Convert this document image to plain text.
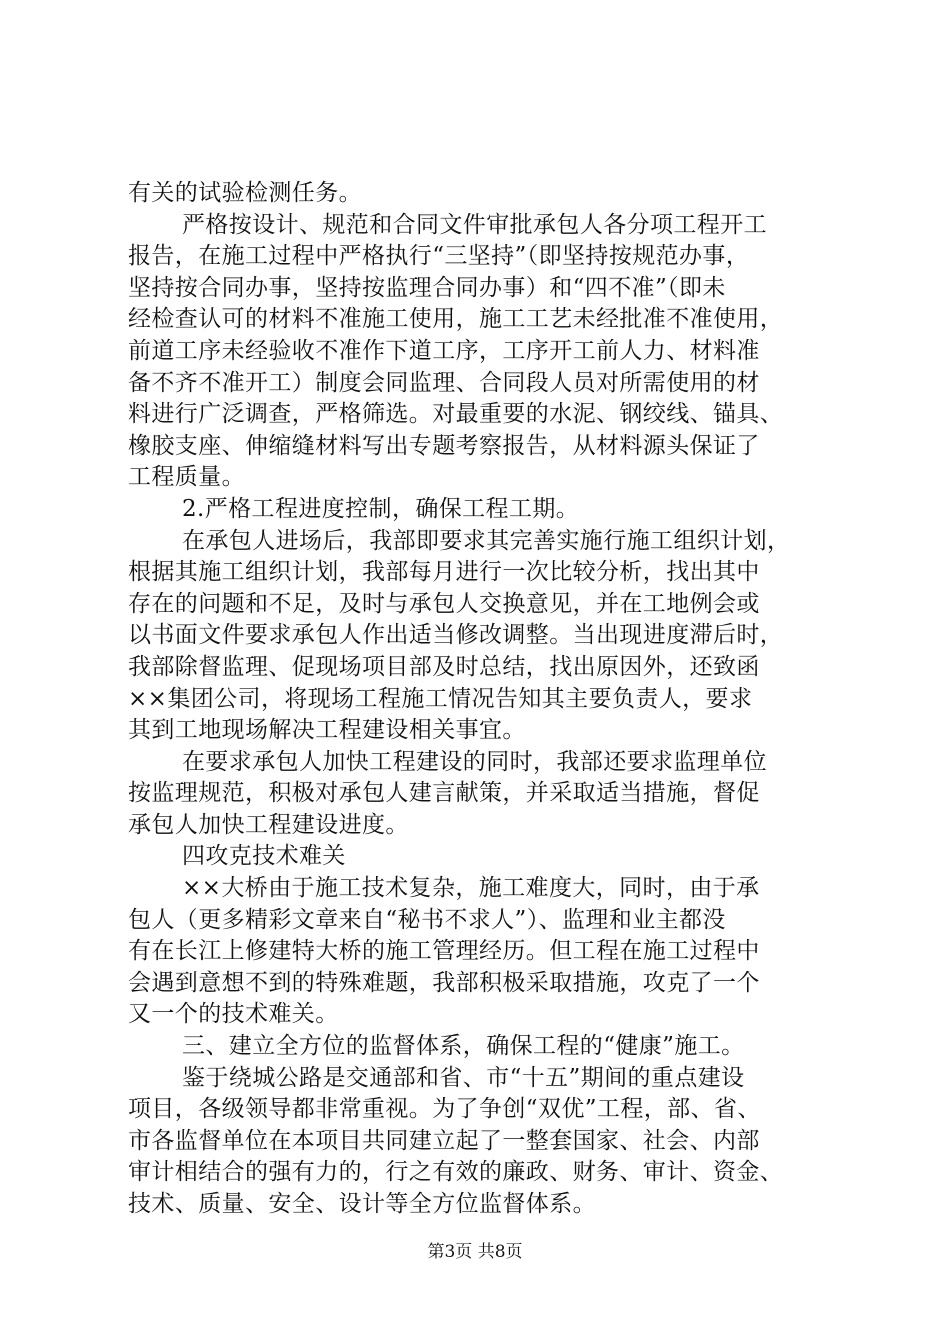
有关的试验检测任务。
严格按设计、规范和合同文件审批承包人各分项工程开工
报告，在施工过程中严格执行“三坚持”（即坚持按规范办事，
坚持按合同办事，坚持按监理合同办事）和“四不准”（即未
经检查认可的材料不准施工使用，施工工艺未经批准不准使用，
前道工序未经验收不准作下道工序，工序开工前人力、材料准
备不齐不准开工）制度会同监理、合同段人员对所需使用的材
料进行广泛调查，严格筛选。对最重要的水泥、钢绞线、锚具、
橡胶支座、伸缩缝材料写出专题考察报告，从材料源头保证了
工程质量。
2.严格工程进度控制，确保工程工期。
在承包人进场后，我部即要求其完善实施行施工组织计划，
根据其施工组织计划，我部每月进行一次比较分析，找出其中
存在的问题和不足，及时与承包人交换意见，并在工地例会或
以书面文件要求承包人作出适当修改调整。当出现进度滞后时，
我部除督监理、促现场项目部及时总结，找出原因外，还致函
××集团公司，将现场工程施工情况告知其主要负责人，要求
其到工地现场解决工程建设相关事宜。
在要求承包人加快工程建设的同时，我部还要求监理单位
按监理规范，积极对承包人建言献策，并采取适当措施，督促
承包人加快工程建设进度。
四攻克技术难关
××大桥由于施工技术复杂，施工难度大，同时，由于承
包人（更多精彩文章来自“秘书不求人”）、监理和业主都没
有在长江上修建特大桥的施工管理经历。但工程在施工过程中
会遇到意想不到的特殊难题，我部积极采取措施，攻克了一个
又一个的技术难关。
三、建立全方位的监督体系，确保工程的“健康”施工。
鉴于绕城公路是交通部和省、市“十五”期间的重点建设
项目，各级领导都非常重视。为了争创“双优”工程，部、省、
市各监督单位在本项目共同建立起了一整套国家、社会、内部
审计相结合的强有力的，行之有效的廉政、财务、审计、资金、
技术、质量、安全、设计等全方位监督体系。
第3页 共8页
